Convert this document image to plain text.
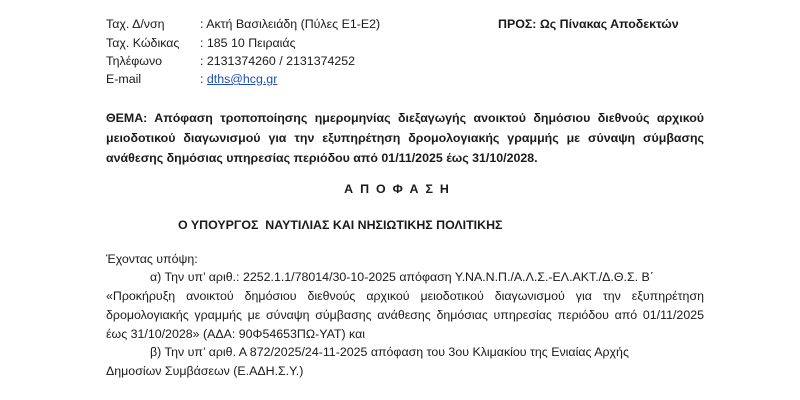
Ταχ. Δ/νση	: Ακτή Βασιλειάδη (Πύλες Ε1-Ε2)
Ταχ. Κώδικας : 185 10 Πειραιάς
Τηλέφωνο	: 2131374260 / 2131374252
E-mail	: dths@hcg.gr
ΠΡΟΣ: Ως Πίνακας Αποδεκτών
ΘΕΜΑ: Απόφαση τροποποίησης ημερομηνίας διεξαγωγής ανοικτού δημόσιου διεθνούς αρχικού μειοδοτικού διαγωνισμού για την εξυπηρέτηση δρομολογιακής γραμμής με σύναψη σύμβασης ανάθεσης δημόσιας υπηρεσίας περιόδου από 01/11/2025 έως 31/10/2028.
ΑΠΟΦΑΣΗ
Ο ΥΠΟΥΡΓΟΣ  ΝΑΥΤΙΛΙΑΣ ΚΑΙ ΝΗΣΙΩΤΙΚΗΣ ΠΟΛΙΤΙΚΗΣ
Έχοντας υπόψη:
α) Την υπ’ αριθ.: 2252.1.1/78014/30-10-2025 απόφαση Υ.ΝΑ.Ν.Π./Α.Λ.Σ.-ΕΛ.ΑΚΤ./Δ.Θ.Σ. Β΄
«Προκήρυξη ανοικτού δημόσιου διεθνούς αρχικού μειοδοτικού διαγωνισμού για την εξυπηρέτηση δρομολογιακής γραμμής με σύναψη σύμβασης ανάθεσης δημόσιας υπηρεσίας περιόδου από 01/11/2025 έως 31/10/2028» (ΑΔΑ: 90Φ54653ΠΩ-ΥΑΤ) και
β) Την υπ’ αριθ. Α 872/2025/24-11-2025 απόφαση του 3ου Κλιμακίου της Ενιαίας Αρχής
Δημοσίων Συμβάσεων (Ε.ΑΔΗ.Σ.Υ.)
